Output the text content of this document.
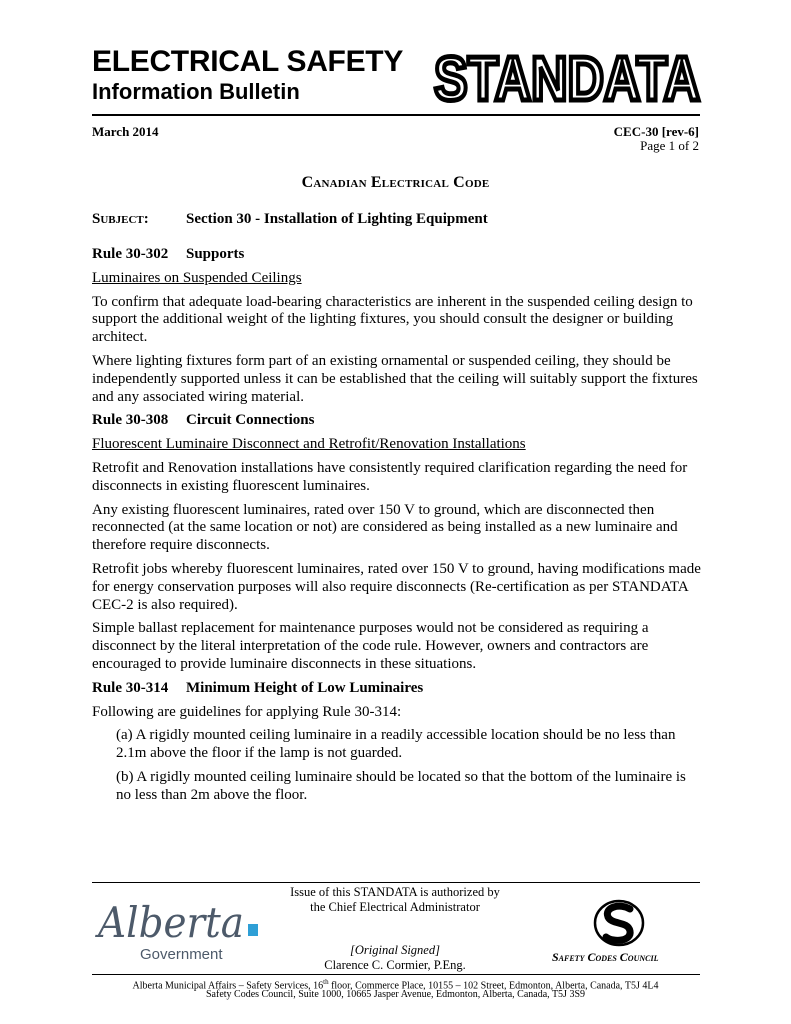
ELECTRICAL SAFETY
Information Bulletin STANDATA
March 2014	CEC-30 [rev-6]
Page 1 of 2
Canadian Electrical Code
Subject: Section 30 - Installation of Lighting Equipment
Rule 30-302 Supports
Luminaires on Suspended Ceilings

To confirm that adequate load-bearing characteristics are inherent in the suspended ceiling design to support the additional weight of the lighting fixtures, you should consult the designer or building architect.

Where lighting fixtures form part of an existing ornamental or suspended ceiling, they should be independently supported unless it can be established that the ceiling will suitably support the fixtures and any associated wiring material.

Rule 30-308 Circuit Connections
Fluorescent Luminaire Disconnect and Retrofit/Renovation Installations

Retrofit and Renovation installations have consistently required clarification regarding the need for disconnects in existing fluorescent luminaires.

Any existing fluorescent luminaires, rated over 150 V to ground, which are disconnected then reconnected (at the same location or not) are considered as being installed as a new luminaire and therefore require disconnects.

Retrofit jobs whereby fluorescent luminaires, rated over 150 V to ground, having modifications made for energy conservation purposes will also require disconnects (Re-certification as per STANDATA CEC-2 is also required).

Simple ballast replacement for maintenance purposes would not be considered as requiring a disconnect by the literal interpretation of the code rule. However, owners and contractors are encouraged to provide luminaire disconnects in these situations.

Rule 30-314 Minimum Height of Low Luminaires

Following are guidelines for applying Rule 30-314:

(a) A rigidly mounted ceiling luminaire in a readily accessible location should be no less than 2.1m above the floor if the lamp is not guarded.

(b) A rigidly mounted ceiling luminaire should be located so that the bottom of the luminaire is no less than 2m above the floor.

Issue of this STANDATA is authorized by
the Chief Electrical Administrator
[Original Signed]
Clarence C. Cormier, P.Eng.
Alberta
Government	Safety Codes Council
Alberta Municipal Affairs – Safety Services, 16th floor, Commerce Place, 10155 – 102 Street, Edmonton, Alberta, Canada, T5J 4L4
Safety Codes Council, Suite 1000, 10665 Jasper Avenue, Edmonton, Alberta, Canada, T5J 3S9
